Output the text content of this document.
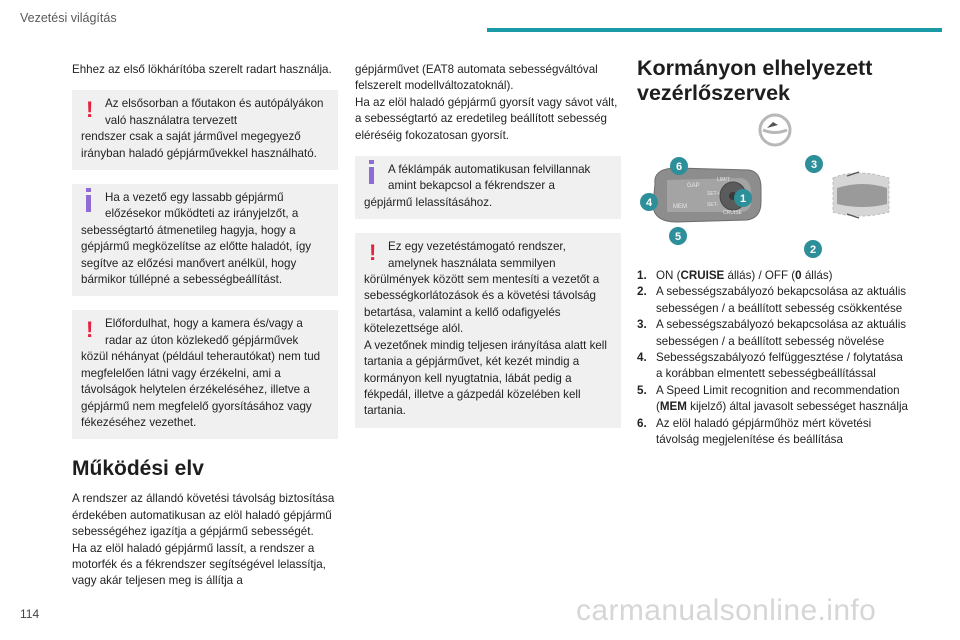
Vezetési világítás

Ehhez az első lökhárítóba szerelt radart használja.

!	Az elsősorban a főutakon és autópályákon való használatra tervezett
rendszer csak a saját járművel megegyező irányban haladó gépjárművekkel használható.
Ha a vezető egy lassabb gépjármű előzésekor működteti az irányjelzőt, a
sebességtartó átmenetileg hagyja, hogy a gépjármű megközelítse az előtte haladót, így segítve az előzési manővert anélkül, hogy bármikor túllépné a sebességbeállítást.
!	Előfordulhat, hogy a kamera és/vagy a radar az úton közlekedő gépjárművek
közül néhányat (például teherautókat) nem tud megfelelően látni vagy érzékelni, ami a távolságok helytelen érzékeléséhez, illetve a gépjármű nem megfelelő gyorsításához vagy fékezéséhez vezethet.
Működési elv

A rendszer az állandó követési távolság biztosítása érdekében automatikusan az elöl haladó gépjármű sebességéhez igazítja a gépjármű sebességét.

Ha az elöl haladó gépjármű lassít, a rendszer a motorfék és a fékrendszer segítségével lelassítja, vagy akár teljesen meg is állítja a

gépjárművet (EAT8 automata sebességváltóval felszerelt modellváltozatoknál).

Ha az elöl haladó gépjármű gyorsít vagy sávot vált, a sebességtartó az eredetileg beállított sebesség eléréséig fokozatosan gyorsít.

A féklámpák automatikusan felvillannak amint bekapcsol a fékrendszer a
gépjármű lelassításához.
!	Ez egy vezetéstámogató rendszer, amelynek használata semmilyen
körülmények között sem mentesíti a vezetőt a sebességkorlátozások és a követési távolság betartása, valamint a kellő odafigyelés kötelezettsége alól.
A vezetőnek mindig teljesen irányítása alatt kell tartania a gépjárművet, két kezét mindig a kormányon kell nyugtatnia, lábát pedig a fékpedál, illetve a gázpedál közelében kell tartania.
Kormányon elhelyezett vezérlőszervek
GAP
LIMIT
SET+
SET-
CRUISE
MEM
1
2
3
4
5
6
1. ON (CRUISE állás) / OFF (0 állás)
2. A sebességszabályozó bekapcsolása az aktuális sebességen / a beállított sebesség csökkentése
3. A sebességszabályozó bekapcsolása az aktuális sebességen / a beállított sebesség növelése
4. Sebességszabályozó felfüggesztése / folytatása a korábban elmentett sebességbeállítással
5. A Speed Limit recognition and recommendation (MEM kijelző) által javasolt sebességet használja
6. Az elöl haladó gépjárműhöz mért követési távolság megjelenítése és beállítása
114	carmanualsonline.info
